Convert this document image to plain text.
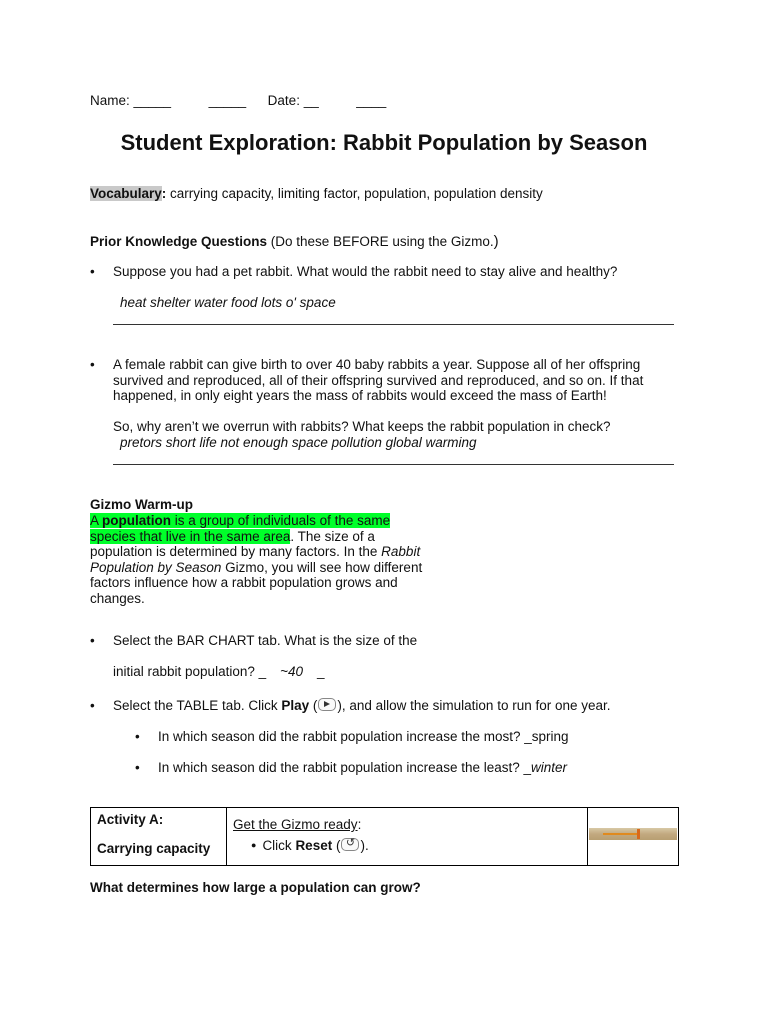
Name: _____	_____ Date: __	____
Student Exploration: Rabbit Population by Season
Vocabulary: carrying capacity, limiting factor, population, population density
Prior Knowledge Questions (Do these BEFORE using the Gizmo.)
• Suppose you had a pet rabbit. What would the rabbit need to stay alive and healthy?
heat shelter water food lots o' space
• A female rabbit can give birth to over 40 baby rabbits a year. Suppose all of her offspring
survived and reproduced, all of their offspring survived and reproduced, and so on. If that
happened, in only eight years the mass of rabbits would exceed the mass of Earth!
So, why aren’t we overrun with rabbits? What keeps the rabbit population in check?
pretors short life not enough space pollution global warming
Gizmo Warm-up
A population is a group of individuals of the same
species that live in the same area. The size of a
population is determined by many factors. In the Rabbit
Population by Season Gizmo, you will see how different
factors influence how a rabbit population grows and
changes.
• Select the BAR CHART tab. What is the size of the
initial rabbit population? _ ~40 _
• Select the TABLE tab. Click Play ( ), and allow the simulation to run for one year.
• In which season did the rabbit population increase the most? _spring
• In which season did the rabbit population increase the least? _winter
Activity A:
Carrying capacity

Get the Gizmo ready:
● Click Reset ( ↺ ).

What determines how large a population can grow?
